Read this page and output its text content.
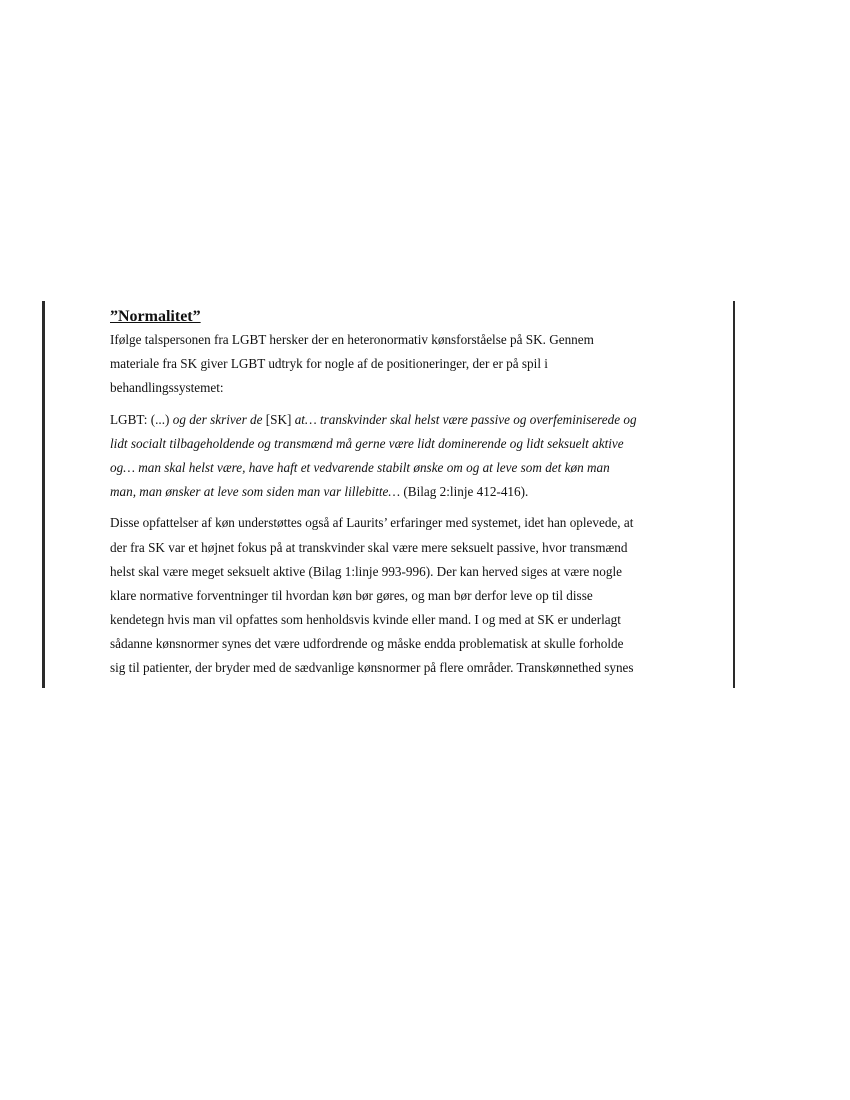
”Normalitet”

Ifølge talspersonen fra LGBT hersker der en heteronormativ kønsforståelse på SK. Gennem
materiale fra SK giver LGBT udtryk for nogle af de positioneringer, der er på spil i
behandlingssystemet:

LGBT: (...) og der skriver de [SK] at… transkvinder skal helst være passive og overfeminiserede og
lidt socialt tilbageholdende og transmænd må gerne være lidt dominerende og lidt seksuelt aktive
og… man skal helst være, have haft et vedvarende stabilt ønske om og at leve som det køn man
man, man ønsker at leve som siden man var lillebitte… (Bilag 2:linje 412-416).

Disse opfattelser af køn understøttes også af Laurits’ erfaringer med systemet, idet han oplevede, at
der fra SK var et højnet fokus på at transkvinder skal være mere seksuelt passive, hvor transmænd
helst skal være meget seksuelt aktive (Bilag 1:linje 993-996). Der kan herved siges at være nogle
klare normative forventninger til hvordan køn bør gøres, og man bør derfor leve op til disse
kendetegn hvis man vil opfattes som henholdsvis kvinde eller mand. I og med at SK er underlagt
sådanne kønsnormer synes det være udfordrende og måske endda problematisk at skulle forholde
sig til patienter, der bryder med de sædvanlige kønsnormer på flere områder. Transkønnethed synes
